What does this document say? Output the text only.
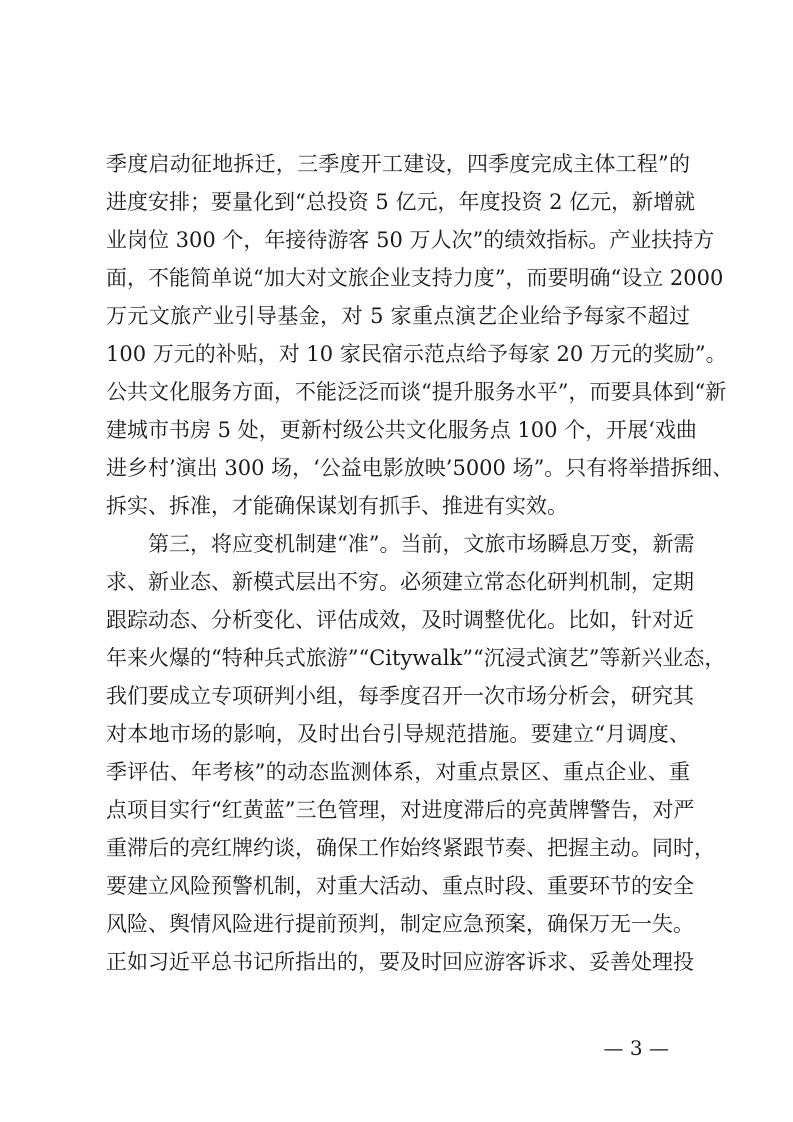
季度启动征地拆迁，三季度开工建设，四季度完成主体工程”的
进度安排；要量化到“总投资 5 亿元，年度投资 2 亿元，新增就
业岗位 300 个，年接待游客 50 万人次”的绩效指标。产业扶持方
面，不能简单说“加大对文旅企业支持力度”，而要明确“设立 2000
万元文旅产业引导基金，对 5 家重点演艺企业给予每家不超过
100 万元的补贴，对 10 家民宿示范点给予每家 20 万元的奖励”。
公共文化服务方面，不能泛泛而谈“提升服务水平”，而要具体到“新
建城市书房 5 处，更新村级公共文化服务点 100 个，开展‘戏曲
进乡村’演出 300 场，‘公益电影放映’5000 场”。只有将举措拆细、
拆实、拆准，才能确保谋划有抓手、推进有实效。
第三，将应变机制建“准”。当前，文旅市场瞬息万变，新需
求、新业态、新模式层出不穷。必须建立常态化研判机制，定期
跟踪动态、分析变化、评估成效，及时调整优化。比如，针对近
年来火爆的“特种兵式旅游”“Citywalk”“沉浸式演艺”等新兴业态，
我们要成立专项研判小组，每季度召开一次市场分析会，研究其
对本地市场的影响，及时出台引导规范措施。要建立“月调度、
季评估、年考核”的动态监测体系，对重点景区、重点企业、重
点项目实行“红黄蓝”三色管理，对进度滞后的亮黄牌警告，对严
重滞后的亮红牌约谈，确保工作始终紧跟节奏、把握主动。同时，
要建立风险预警机制，对重大活动、重点时段、重要环节的安全
风险、舆情风险进行提前预判，制定应急预案，确保万无一失。
正如习近平总书记所指出的，要及时回应游客诉求、妥善处理投
— 3 —
